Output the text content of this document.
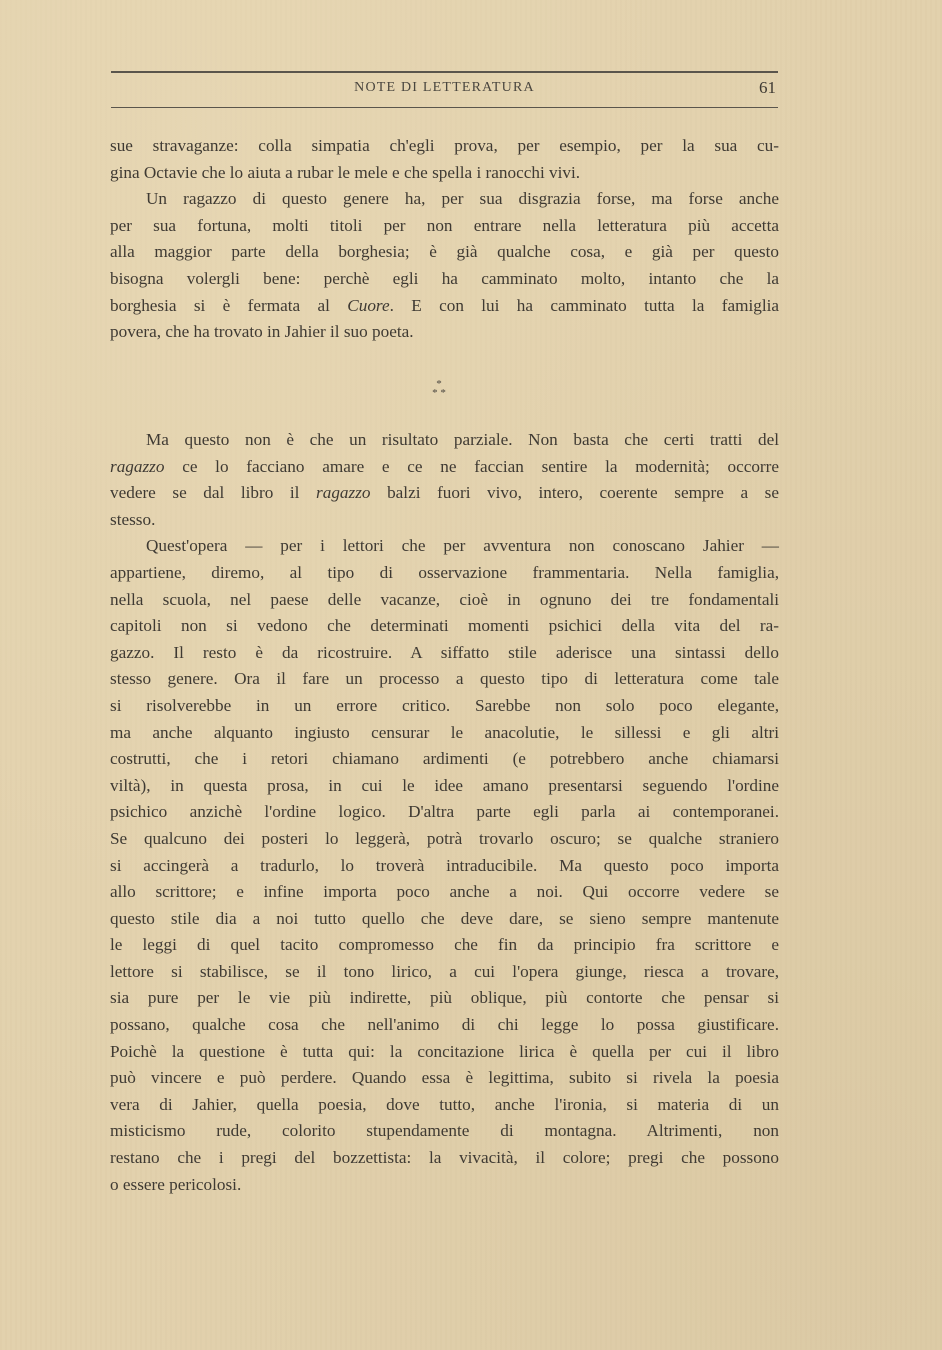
NOTE DI LETTERATURA	61
sue stravaganze: colla simpatia ch'egli prova, per esempio, per la sua cu-
gina Octavie che lo aiuta a rubar le mele e che spella i ranocchi vivi.
Un ragazzo di questo genere ha, per sua disgrazia forse, ma forse anche
per sua fortuna, molti titoli per non entrare nella letteratura più accetta
alla maggior parte della borghesia; è già qualche cosa, e già per questo
bisogna volergli bene: perchè egli ha camminato molto, intanto che la
borghesia si è fermata al Cuore. E con lui ha camminato tutta la famiglia
povera, che ha trovato in Jahier il suo poeta.
*
* *
Ma questo non è che un risultato parziale. Non basta che certi tratti del
ragazzo ce lo facciano amare e ce ne faccian sentire la modernità; occorre
vedere se dal libro il ragazzo balzi fuori vivo, intero, coerente sempre a se
stesso.
Quest'opera — per i lettori che per avventura non conoscano Jahier —
appartiene, diremo, al tipo di osservazione frammentaria. Nella famiglia,
nella scuola, nel paese delle vacanze, cioè in ognuno dei tre fondamentali
capitoli non si vedono che determinati momenti psichici della vita del ra-
gazzo. Il resto è da ricostruire. A siffatto stile aderisce una sintassi dello
stesso genere. Ora il fare un processo a questo tipo di letteratura come tale
si risolverebbe in un errore critico. Sarebbe non solo poco elegante,
ma anche alquanto ingiusto censurar le anacolutie, le sillessi e gli altri
costrutti, che i retori chiamano ardimenti (e potrebbero anche chiamarsi
viltà), in questa prosa, in cui le idee amano presentarsi seguendo l'ordine
psichico anzichè l'ordine logico. D'altra parte egli parla ai contemporanei.
Se qualcuno dei posteri lo leggerà, potrà trovarlo oscuro; se qualche straniero
si accingerà a tradurlo, lo troverà intraducibile. Ma questo poco importa
allo scrittore; e infine importa poco anche a noi. Qui occorre vedere se
questo stile dia a noi tutto quello che deve dare, se sieno sempre mantenute
le leggi di quel tacito compromesso che fin da principio fra scrittore e
lettore si stabilisce, se il tono lirico, a cui l'opera giunge, riesca a trovare,
sia pure per le vie più indirette, più oblique, più contorte che pensar si
possano, qualche cosa che nell'animo di chi legge lo possa giustificare.
Poichè la questione è tutta qui: la concitazione lirica è quella per cui il libro
può vincere e può perdere. Quando essa è legittima, subito si rivela la poesia
vera di Jahier, quella poesia, dove tutto, anche l'ironia, si materia di un
misticismo rude, colorito stupendamente di montagna. Altrimenti, non
restano che i pregi del bozzettista: la vivacità, il colore; pregi che possono
o essere pericolosi.
